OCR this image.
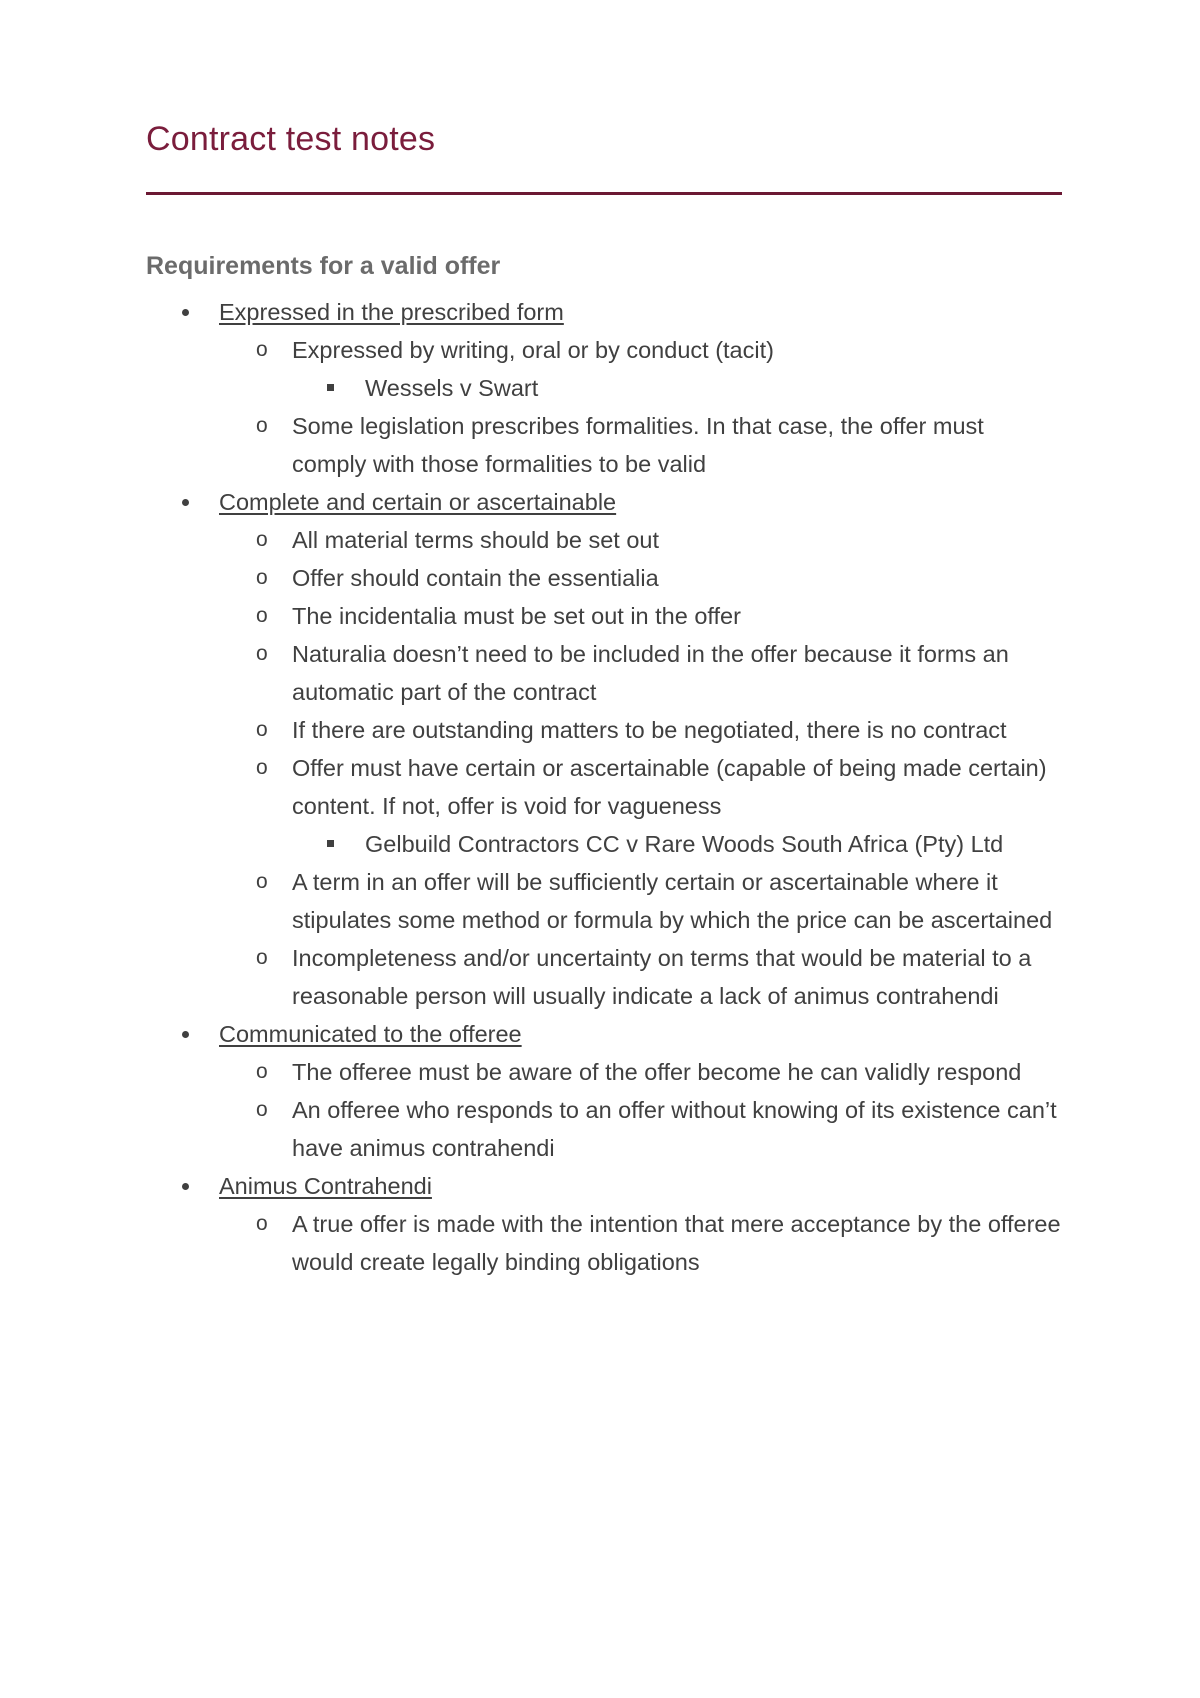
Contract test notes
Requirements for a valid offer
Expressed in the prescribed form
o Expressed by writing, oral or by conduct (tacit)
Wessels v Swart
o Some legislation prescribes formalities. In that case, the offer must comply with those formalities to be valid
Complete and certain or ascertainable
o All material terms should be set out
o Offer should contain the essentialia
o The incidentalia must be set out in the offer
o Naturalia doesn’t need to be included in the offer because it forms an automatic part of the contract
o If there are outstanding matters to be negotiated, there is no contract
o Offer must have certain or ascertainable (capable of being made certain) content. If not, offer is void for vagueness
Gelbuild Contractors CC v Rare Woods South Africa (Pty) Ltd
o A term in an offer will be sufficiently certain or ascertainable where it stipulates some method or formula by which the price can be ascertained
o Incompleteness and/or uncertainty on terms that would be material to a reasonable person will usually indicate a lack of animus contrahendi
Communicated to the offeree
o The offeree must be aware of the offer become he can validly respond
o An offeree who responds to an offer without knowing of its existence can’t have animus contrahendi
Animus Contrahendi
o A true offer is made with the intention that mere acceptance by the offeree would create legally binding obligations
